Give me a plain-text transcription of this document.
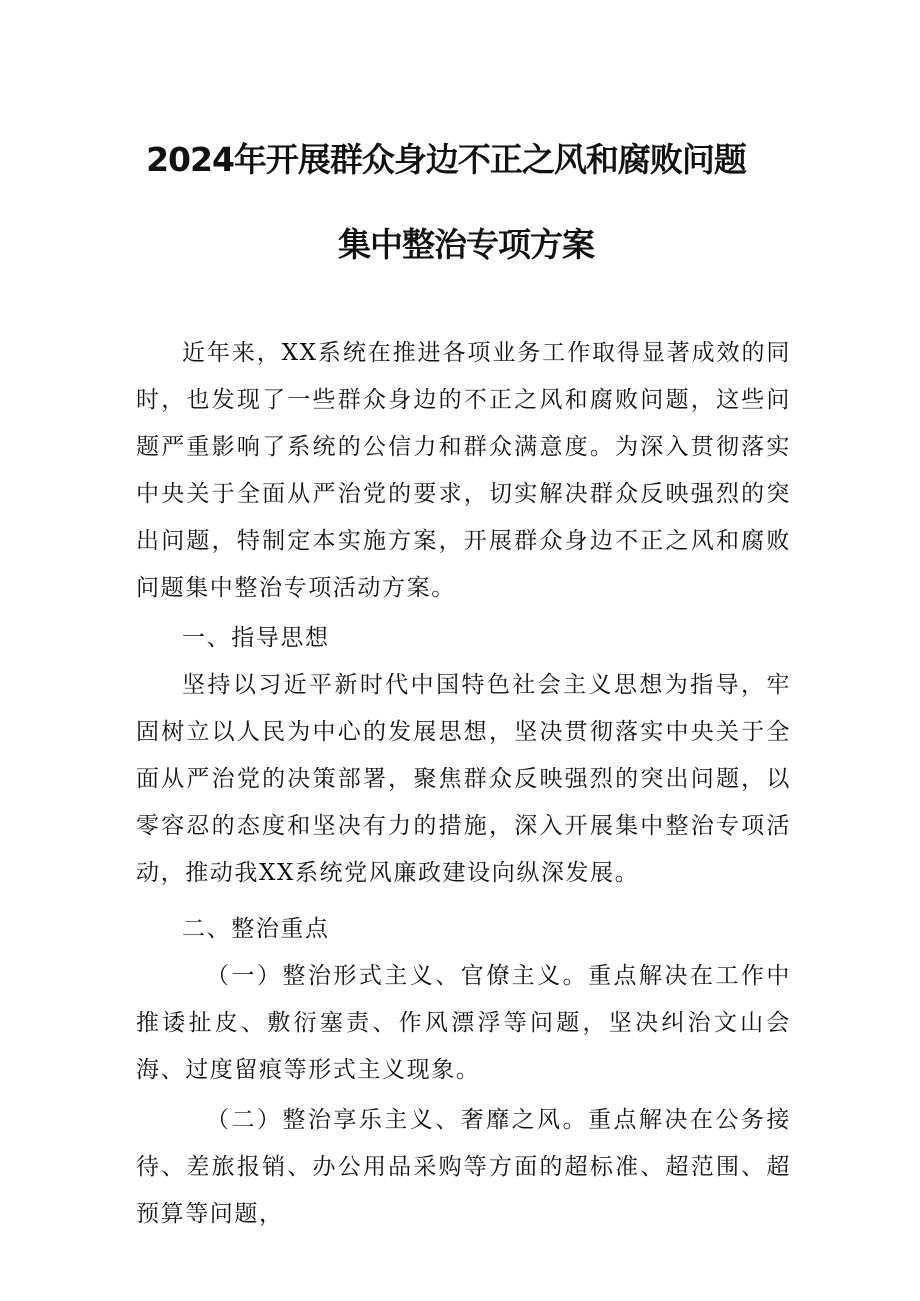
2024年开展群众身边不正之风和腐败问题
集中整治专项方案

近年来，XX系统在推进各项业务工作取得显著成效的同时，也发现了一些群众身边的不正之风和腐败问题，这些问题严重影响了系统的公信力和群众满意度。为深入贯彻落实中央关于全面从严治党的要求，切实解决群众反映强烈的突出问题，特制定本实施方案，开展群众身边不正之风和腐败问题集中整治专项活动方案。

一、指导思想

坚持以习近平新时代中国特色社会主义思想为指导，牢固树立以人民为中心的发展思想，坚决贯彻落实中央关于全面从严治党的决策部署，聚焦群众反映强烈的突出问题，以零容忍的态度和坚决有力的措施，深入开展集中整治专项活动，推动我XX系统党风廉政建设向纵深发展。

二、整治重点

（一）整治形式主义、官僚主义。重点解决在工作中推诿扯皮、敷衍塞责、作风漂浮等问题，坚决纠治文山会海、过度留痕等形式主义现象。

（二）整治享乐主义、奢靡之风。重点解决在公务接待、差旅报销、办公用品采购等方面的超标准、超范围、超预算等问题，
